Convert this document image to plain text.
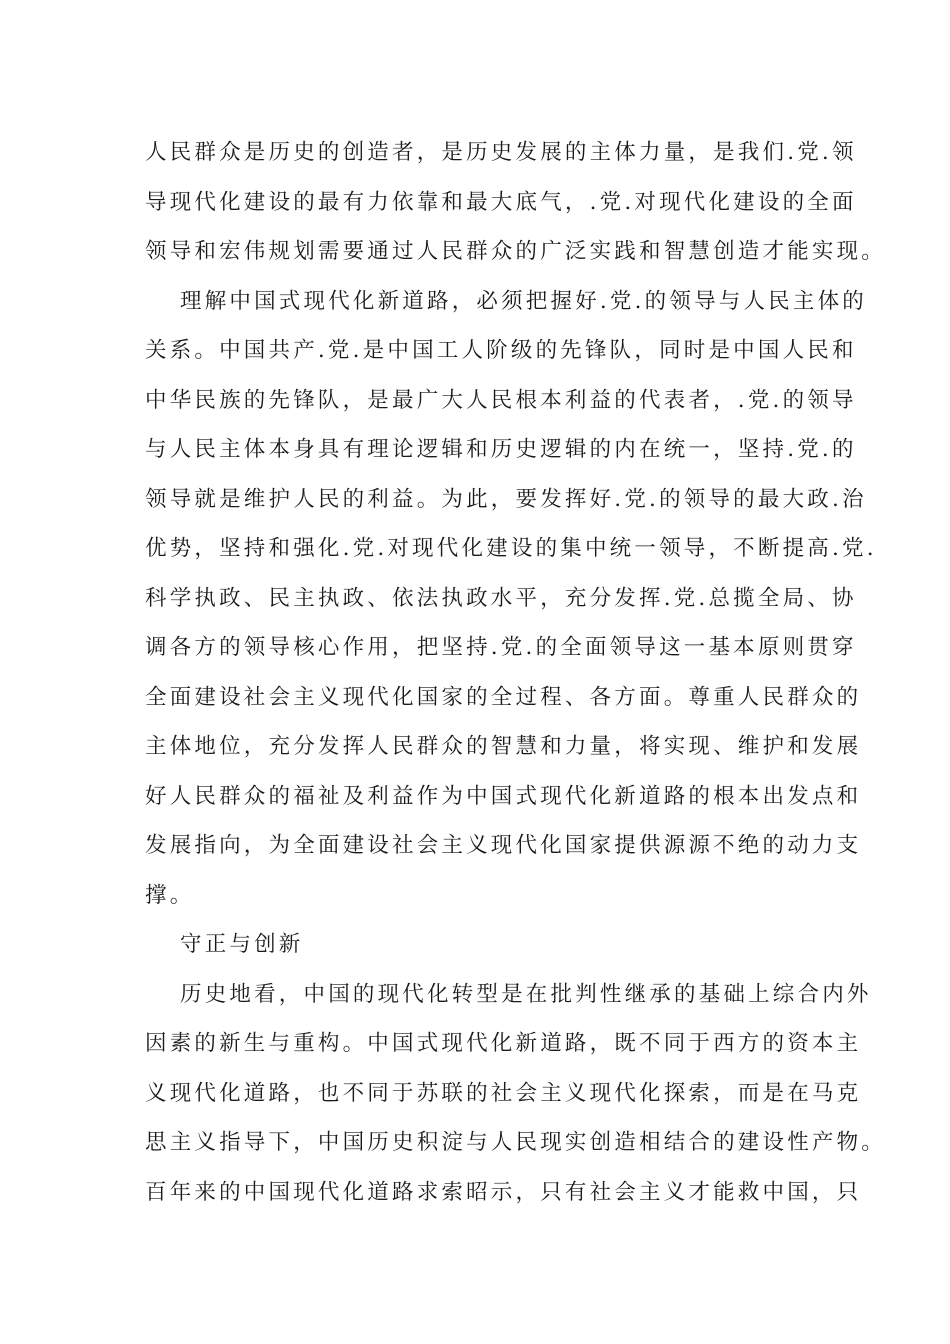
人民群众是历史的创造者，是历史发展的主体力量，是我们.党.领
导现代化建设的最有力依靠和最大底气，.党.对现代化建设的全面
领导和宏伟规划需要通过人民群众的广泛实践和智慧创造才能实现。
理解中国式现代化新道路，必须把握好.党.的领导与人民主体的
关系。中国共产.党.是中国工人阶级的先锋队，同时是中国人民和
中华民族的先锋队，是最广大人民根本利益的代表者，.党.的领导
与人民主体本身具有理论逻辑和历史逻辑的内在统一，坚持.党.的
领导就是维护人民的利益。为此，要发挥好.党.的领导的最大政.治
优势，坚持和强化.党.对现代化建设的集中统一领导，不断提高.党.
科学执政、民主执政、依法执政水平，充分发挥.党.总揽全局、协
调各方的领导核心作用，把坚持.党.的全面领导这一基本原则贯穿
全面建设社会主义现代化国家的全过程、各方面。尊重人民群众的
主体地位，充分发挥人民群众的智慧和力量，将实现、维护和发展
好人民群众的福祉及利益作为中国式现代化新道路的根本出发点和
发展指向，为全面建设社会主义现代化国家提供源源不绝的动力支
撑。
守正与创新
历史地看，中国的现代化转型是在批判性继承的基础上综合内外
因素的新生与重构。中国式现代化新道路，既不同于西方的资本主
义现代化道路，也不同于苏联的社会主义现代化探索，而是在马克
思主义指导下，中国历史积淀与人民现实创造相结合的建设性产物。
百年来的中国现代化道路求索昭示，只有社会主义才能救中国，只
